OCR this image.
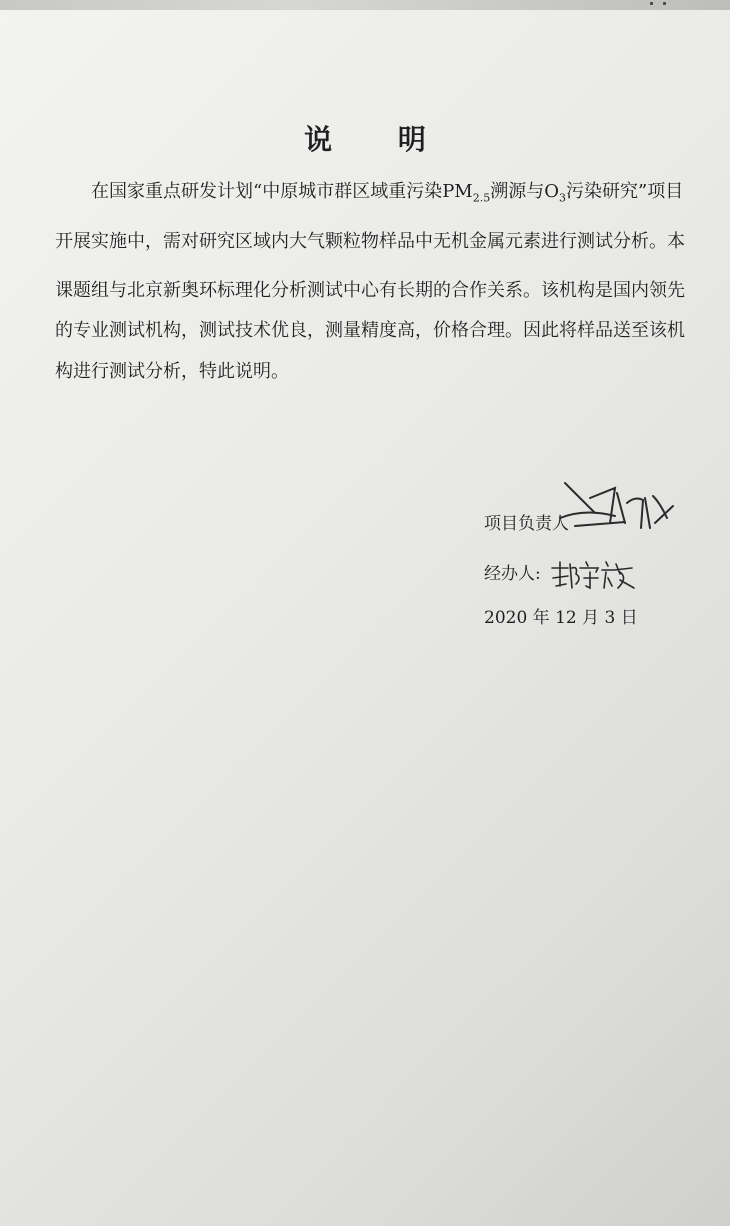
说 明
在国家重点研发计划“中原城市群区域重污染$PM_{2.5}$溯源与$O_3$污染研究”项目
开展实施中，需对研究区域内大气颗粒物样品中无机金属元素进行测试分析。本
课题组与北京新奥环标理化分析测试中心有长期的合作关系。该机构是国内领先
的专业测试机构，测试技术优良，测量精度高，价格合理。因此将样品送至该机
构进行测试分析，特此说明。
项目负责人
经办人:
2020 年 12 月 3 日
